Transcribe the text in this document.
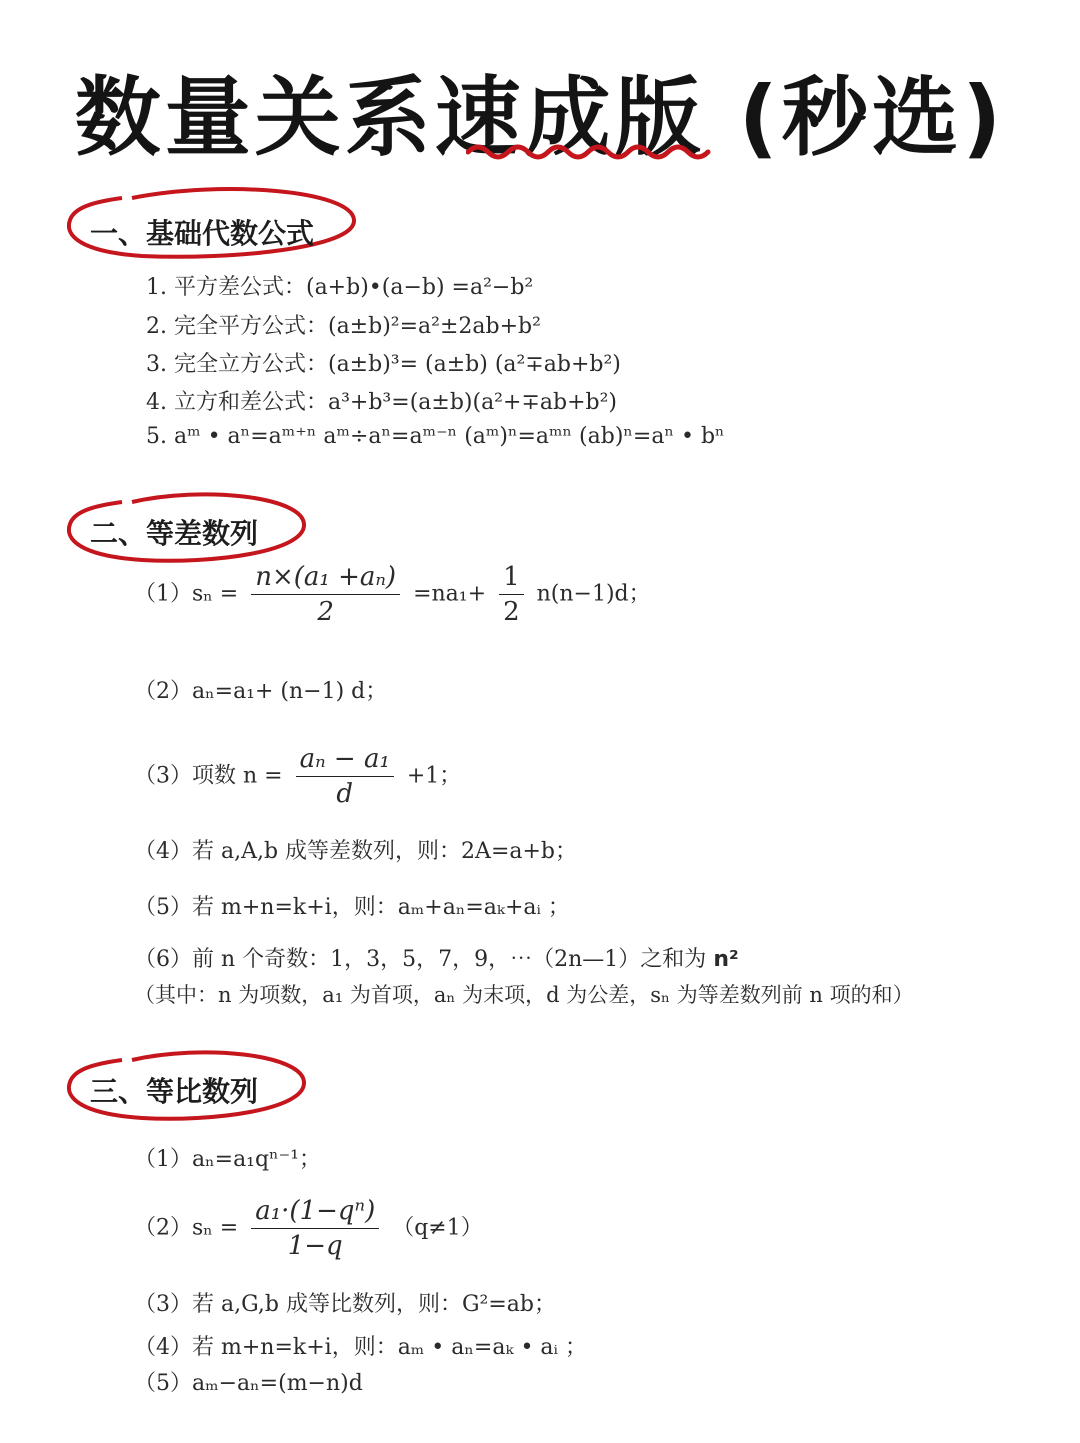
数量关系速成版 (秒选)
一、基础代数公式
1. 平方差公式：(a+b)•(a−b) =a²−b²
2. 完全平方公式：(a±b)²=a²±2ab+b²
3. 完全立方公式：(a±b)³= (a±b) (a²∓ab+b²)
4. 立方和差公式：a³+b³=(a±b)(a²+∓ab+b²)
5. aᵐ • aⁿ=aᵐ⁺ⁿ aᵐ÷aⁿ=aᵐ⁻ⁿ (aᵐ)ⁿ=aᵐⁿ (ab)ⁿ=aⁿ • bⁿ
二、等差数列
$(1)s_n = \frac{\text{n×(a₁ +aₙ)}}{2} =na_1+ \frac{1}{2} n(n-1)d$；
（2）aₙ=a₁+ (n−1) d；
（3）项数 $n = \frac{\text{aₙ − a₁}}{d} +1$；
（4）若 a,A,b 成等差数列，则：2A=a+b；
（5）若 m+n=k+i，则：aₘ+aₙ=aₖ+aᵢ ；
（6）前 n 个奇数：1，3，5，7，9，⋯（2n—1）之和为 n²
（其中：n 为项数，a₁ 为首项，aₙ 为末项，d 为公差，sₙ 为等差数列前 n 项的和）
三、等比数列
（1）aₙ=a₁qⁿ⁻¹；
$(2)s_n = \frac{\text{a₁·(1−qⁿ)}}{1-q} (q\ne 1)$
（3）若 a,G,b 成等比数列，则：G²=ab；
（4）若 m+n=k+i，则：aₘ • aₙ=aₖ • aᵢ ；
（5）aₘ−aₙ=(m−n)d
